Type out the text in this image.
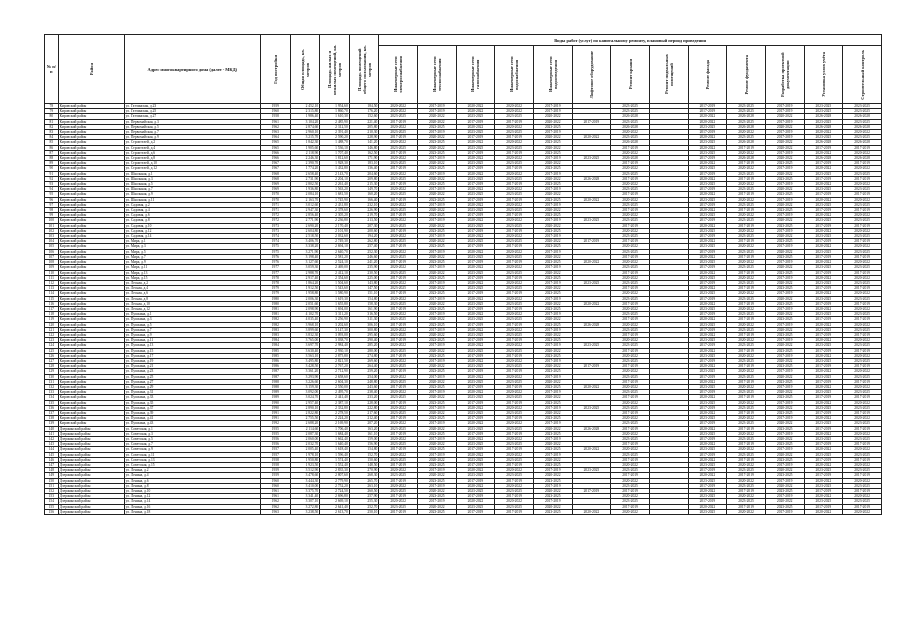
№ п/п	Район	Адрес многоквартирного дома (далее - МКД)	Год постройки	Общая площадь, кв. метров	Площадь жилых и нежилых помещений, кв. метров	Площадь помещений общего пользования, кв. метров	Виды работ (услуг) по капитальному ремонту, плановый период проведения												

							Инженерные сети электроснабжения	Инженерные сети теплоснабжения	Инженерные сети газоснабжения	Инженерные сети водоснабжения	Инженерные сети водоотведения	Лифтовое оборудование	Ремонт крыши	Ремонт подвальных помещений	Ремонт фасада	Ремонт фундамента	Разработка проектной документации	Установка узлов учёта	Строительный контроль

78	Кировский район	ул. Гатчинская, д.23	1959	2 452,10	1 954,60	184,50	2020-2022	2017-2019	2020-2022	2020-2022	2017-2019		2023-2025		2017-2019	2023-2025	2017-2019	2023-2025	2023-2025
79	Кировский район	ул. Гатчинская, д.25	1960	2 315,80	1 860,70	176,20	2020-2022	2017-2019	2020-2022	2020-2022	2017-2019		2023-2025		2017-2019	2023-2025	2017-2019	2023-2025	2023-2025
80	Кировский район	ул. Гатчинская, д.27	1958	1 986,40	1 610,30	152,60	2023-2025	2020-2022	2023-2025	2023-2025	2020-2022		2026-2028		2020-2022	2026-2028	2020-2022	2026-2028	2026-2028
81	Кировский район	ул. Первомайская, д.3	1961	3 104,20	2 485,90	221,40	2017-2019	2020-2022	2017-2019	2017-2019	2020-2022	2017-2019	2023-2025		2020-2022	2023-2025	2017-2019	2023-2025	2023-2025
82	Кировский район	ул. Первомайская, д.5	1962	2 874,60	2 312,50	205,80	2020-2022	2023-2025	2020-2022	2020-2022	2023-2025		2026-2028		2023-2025	2026-2028	2020-2022	2026-2028	2026-2028
83	Кировский район	ул. Первомайская, д.7	1963	2 960,10	2 391,40	210,30	2023-2025	2017-2019	2023-2025	2023-2025	2017-2019		2020-2022		2017-2019	2020-2022	2017-2019	2020-2022	2020-2022
84	Кировский район	ул. Первомайская, д.9	1964	3 215,70	2 590,20	228,90	2017-2019	2020-2022	2017-2019	2017-2019	2020-2022	2020-2022	2023-2025		2020-2022	2023-2025	2017-2019	2023-2025	2023-2025
85	Кировский район	ул. Строителей, д.2	1965	1 842,30	1 488,70	141,20	2020-2022	2023-2025	2020-2022	2020-2022	2023-2025		2026-2028		2023-2025	2026-2028	2020-2022	2026-2028	2026-2028
86	Кировский район	ул. Строителей, д.4	1965	1 905,60	1 536,10	146,80	2023-2025	2020-2022	2023-2025	2023-2025	2020-2022		2017-2019		2020-2022	2017-2019	2020-2022	2017-2019	2017-2019
87	Кировский район	ул. Строителей, д.6	1966	2 118,90	1 707,40	162,50	2017-2019	2023-2025	2017-2019	2017-2019	2023-2025		2020-2022		2023-2025	2020-2022	2017-2019	2020-2022	2020-2022
88	Кировский район	ул. Строителей, д.8	1966	2 246,30	1 812,60	171,90	2020-2022	2017-2019	2020-2022	2020-2022	2017-2019	2023-2025	2026-2028		2017-2019	2026-2028	2020-2022	2026-2028	2026-2028
89	Кировский район	ул. Строителей, д.10	1967	2 390,70	1 928,30	183,10	2023-2025	2020-2022	2023-2025	2023-2025	2020-2022		2017-2019		2020-2022	2017-2019	2023-2025	2017-2019	2017-2019
90	Кировский район	ул. Строителей, д.12	1967	1 774,20	1 432,80	136,40	2017-2019	2023-2025	2017-2019	2017-2019	2023-2025		2020-2022		2023-2025	2020-2022	2017-2019	2020-2022	2020-2022
91	Кировский район	ул. Школьная, д.1	1968	2 658,40	2 143,70	204,60	2020-2022	2017-2019	2020-2022	2020-2022	2017-2019		2023-2025		2017-2019	2023-2025	2020-2022	2023-2025	2023-2025
92	Кировский район	ул. Школьная, д.3	1968	2 731,90	2 204,10	209,80	2023-2025	2020-2022	2023-2025	2023-2025	2020-2022	2026-2028	2017-2019		2020-2022	2017-2019	2023-2025	2017-2019	2017-2019
93	Кировский район	ул. Школьная, д.5	1969	2 802,50	2 261,40	215,30	2017-2019	2023-2025	2017-2019	2017-2019	2023-2025		2020-2022		2023-2025	2020-2022	2017-2019	2020-2022	2020-2022
94	Кировский район	ул. Школьная, д.7	1969	1 936,80	1 563,20	149,70	2020-2022	2017-2019	2020-2022	2020-2022	2017-2019		2023-2025		2017-2019	2023-2025	2020-2022	2023-2025	2023-2025
95	Кировский район	ул. Школьная, д.9	1970	2 084,10	1 681,50	160,20	2023-2025	2020-2022	2023-2025	2023-2025	2020-2022		2017-2019		2020-2022	2017-2019	2023-2025	2017-2019	2017-2019
96	Кировский район	ул. Школьная, д.11	1970	2 163,70	1 745,90	166,40	2017-2019	2023-2025	2017-2019	2017-2019	2023-2025	2020-2022	2020-2022		2023-2025	2020-2022	2017-2019	2020-2022	2020-2022
97	Кировский район	ул. Садовая, д.2	1971	3 012,60	2 431,80	232,10	2020-2022	2017-2019	2020-2022	2020-2022	2017-2019		2023-2025		2017-2019	2023-2025	2020-2022	2023-2025	2023-2025
98	Кировский район	ул. Садовая, д.4	1971	2 947,30	2 378,60	226,90	2023-2025	2020-2022	2023-2025	2023-2025	2020-2022		2017-2019		2020-2022	2017-2019	2023-2025	2017-2019	2017-2019
99	Кировский район	ул. Садовая, д.6	1972	2 856,40	2 305,20	219,70	2017-2019	2023-2025	2017-2019	2017-2019	2023-2025		2020-2022		2023-2025	2020-2022	2017-2019	2020-2022	2020-2022
100	Кировский район	ул. Садовая, д.8	1972	2 771,90	2 236,80	213,50	2020-2022	2017-2019	2020-2022	2020-2022	2017-2019	2023-2025	2023-2025		2017-2019	2023-2025	2020-2022	2023-2025	2023-2025
101	Кировский район	ул. Садовая, д.10	1973	2 690,20	2 170,40	207,30	2023-2025	2020-2022	2023-2025	2023-2025	2020-2022		2017-2019		2020-2022	2017-2019	2023-2025	2017-2019	2017-2019
102	Кировский район	ул. Садовая, д.12	1973	2 604,80	2 101,90	200,60	2017-2019	2023-2025	2017-2019	2017-2019	2023-2025		2020-2022		2023-2025	2020-2022	2017-2019	2020-2022	2020-2022
103	Кировский район	ул. Садовая, д.14	1974	2 518,50	2 032,60	194,20	2020-2022	2017-2019	2020-2022	2020-2022	2017-2019		2023-2025		2017-2019	2023-2025	2020-2022	2023-2025	2023-2025
104	Кировский район	ул. Мира, д.1	1974	3 406,70	2 749,30	262,80	2023-2025	2020-2022	2023-2025	2023-2025	2020-2022	2017-2019	2017-2019		2020-2022	2017-2019	2023-2025	2017-2019	2017-2019
105	Кировский район	ул. Мира, д.3	1975	3 338,20	2 694,10	257,40	2017-2019	2023-2025	2017-2019	2017-2019	2023-2025		2020-2022		2023-2025	2020-2022	2017-2019	2020-2022	2020-2022
106	Кировский район	ул. Мира, д.5	1975	3 271,90	2 640,70	252,30	2020-2022	2017-2019	2020-2022	2020-2022	2017-2019		2023-2025		2017-2019	2023-2025	2020-2022	2023-2025	2023-2025
107	Кировский район	ул. Мира, д.7	1976	3 198,40	2 581,20	246,60	2023-2025	2020-2022	2023-2025	2023-2025	2020-2022		2017-2019		2020-2022	2017-2019	2023-2025	2017-2019	2017-2019
108	Кировский район	ул. Мира, д.9	1976	3 127,60	2 524,10	241,20	2017-2019	2023-2025	2017-2019	2017-2019	2023-2025	2020-2022	2020-2022		2023-2025	2020-2022	2017-2019	2020-2022	2020-2022
109	Кировский район	ул. Мира, д.11	1977	3 059,30	2 469,00	235,90	2020-2022	2017-2019	2020-2022	2020-2022	2017-2019		2023-2025		2017-2019	2023-2025	2020-2022	2023-2025	2023-2025
110	Кировский район	ул. Мира, д.13	1977	2 988,70	2 412,10	230,50	2023-2025	2020-2022	2023-2025	2023-2025	2020-2022		2017-2019		2020-2022	2017-2019	2023-2025	2017-2019	2017-2019
111	Кировский район	ул. Мира, д.15	1978	2 917,40	2 354,60	225,00	2017-2019	2023-2025	2017-2019	2017-2019	2023-2025		2020-2022		2023-2025	2020-2022	2017-2019	2020-2022	2020-2022
112	Кировский район	ул. Лесная, д.2	1978	1 864,20	1 504,60	143,80	2020-2022	2017-2019	2020-2022	2020-2022	2017-2019	2023-2025	2023-2025		2017-2019	2023-2025	2020-2022	2023-2025	2023-2025
113	Кировский район	ул. Лесная, д.4	1979	1 912,50	1 543,60	147,50	2023-2025	2020-2022	2023-2025	2023-2025	2020-2022		2017-2019		2020-2022	2017-2019	2023-2025	2017-2019	2017-2019
114	Кировский район	ул. Лесная, д.6	1979	1 958,80	1 580,90	151,10	2017-2019	2023-2025	2017-2019	2017-2019	2023-2025		2020-2022		2023-2025	2020-2022	2017-2019	2020-2022	2020-2022
115	Кировский район	ул. Лесная, д.8	1980	2 006,30	1 619,30	154,80	2020-2022	2017-2019	2020-2022	2020-2022	2017-2019		2023-2025		2017-2019	2023-2025	2020-2022	2023-2025	2023-2025
116	Кировский район	ул. Лесная, д.10	1980	2 051,60	1 655,80	158,30	2023-2025	2020-2022	2023-2025	2023-2025	2020-2022	2020-2022	2017-2019		2020-2022	2017-2019	2023-2025	2017-2019	2017-2019
117	Кировский район	ул. Лесная, д.12	1981	2 098,90	1 694,00	161,90	2017-2019	2023-2025	2017-2019	2017-2019	2023-2025		2020-2022		2023-2025	2020-2022	2017-2019	2020-2022	2020-2022
118	Кировский район	ул. Пушкина, д.1	1981	4 102,70	3 311,20	316,50	2020-2022	2017-2019	2020-2022	2020-2022	2017-2019		2023-2025		2017-2019	2023-2025	2020-2022	2023-2025	2023-2025
119	Кировский район	ул. Пушкина, д.3	1982	4 035,40	3 256,90	311,30	2023-2025	2020-2022	2023-2025	2023-2025	2020-2022		2017-2019		2020-2022	2017-2019	2023-2025	2017-2019	2017-2019
120	Кировский район	ул. Пушкина, д.5	1982	3 968,10	3 202,60	306,10	2017-2019	2023-2025	2017-2019	2017-2019	2023-2025	2026-2028	2020-2022		2023-2025	2020-2022	2017-2019	2020-2022	2020-2022
121	Кировский район	ул. Пушкина, д.7	1983	3 899,60	3 147,30	300,80	2020-2022	2017-2019	2020-2022	2020-2022	2017-2019		2023-2025		2017-2019	2023-2025	2020-2022	2023-2025	2023-2025
122	Кировский район	ул. Пушкина, д.9	1983	3 832,30	3 093,00	295,60	2023-2025	2020-2022	2023-2025	2023-2025	2020-2022		2017-2019		2020-2022	2017-2019	2023-2025	2017-2019	2017-2019
123	Кировский район	ул. Пушкина, д.11	1984	3 765,00	3 038,70	290,40	2017-2019	2023-2025	2017-2019	2017-2019	2023-2025		2020-2022		2023-2025	2020-2022	2017-2019	2020-2022	2020-2022
124	Кировский район	ул. Пушкина, д.13	1984	3 697,70	2 984,40	285,20	2020-2022	2017-2019	2020-2022	2020-2022	2017-2019	2023-2025	2023-2025		2017-2019	2023-2025	2020-2022	2023-2025	2023-2025
125	Кировский район	ул. Пушкина, д.15	1985	3 630,40	2 930,10	280,00	2023-2025	2020-2022	2023-2025	2023-2025	2020-2022		2017-2019		2020-2022	2017-2019	2023-2025	2017-2019	2017-2019
126	Кировский район	ул. Пушкина, д.17	1985	3 563,10	2 875,80	274,80	2017-2019	2023-2025	2017-2019	2017-2019	2023-2025		2020-2022		2023-2025	2020-2022	2017-2019	2020-2022	2020-2022
127	Кировский район	ул. Пушкина, д.19	1986	3 495,80	2 821,50	269,60	2020-2022	2017-2019	2020-2022	2020-2022	2017-2019		2023-2025		2017-2019	2023-2025	2020-2022	2023-2025	2023-2025
128	Кировский район	ул. Пушкина, д.21	1986	3 428,50	2 767,20	264,40	2023-2025	2020-2022	2023-2025	2023-2025	2020-2022	2017-2019	2017-2019		2020-2022	2017-2019	2023-2025	2017-2019	2017-2019
129	Кировский район	ул. Пушкина, д.23	1987	3 361,20	2 712,90	259,20	2017-2019	2023-2025	2017-2019	2017-2019	2023-2025		2020-2022		2023-2025	2020-2022	2017-2019	2020-2022	2020-2022
130	Кировский район	ул. Пушкина, д.25	1987	3 293,90	2 658,60	254,00	2020-2022	2017-2019	2020-2022	2020-2022	2017-2019		2023-2025		2017-2019	2023-2025	2020-2022	2023-2025	2023-2025
131	Кировский район	ул. Пушкина, д.27	1988	3 226,60	2 604,30	248,80	2023-2025	2020-2022	2023-2025	2023-2025	2020-2022		2017-2019		2020-2022	2017-2019	2023-2025	2017-2019	2017-2019
132	Кировский район	ул. Пушкина, д.29	1988	3 159,30	2 550,00	243,60	2017-2019	2023-2025	2017-2019	2017-2019	2023-2025	2020-2022	2020-2022		2023-2025	2020-2022	2017-2019	2020-2022	2020-2022
133	Кировский район	ул. Пушкина, д.31	1989	3 092,00	2 495,70	238,40	2020-2022	2017-2019	2020-2022	2020-2022	2017-2019		2023-2025		2017-2019	2023-2025	2020-2022	2023-2025	2023-2025
134	Кировский район	ул. Пушкина, д.33	1989	3 024,70	2 441,40	233,20	2023-2025	2020-2022	2023-2025	2023-2025	2020-2022		2017-2019		2020-2022	2017-2019	2023-2025	2017-2019	2017-2019
135	Кировский район	ул. Пушкина, д.35	1990	2 957,40	2 387,10	228,00	2017-2019	2023-2025	2017-2019	2017-2019	2023-2025		2020-2022		2023-2025	2020-2022	2017-2019	2020-2022	2020-2022
136	Кировский район	ул. Пушкина, д.37	1990	2 890,10	2 332,80	222,80	2020-2022	2017-2019	2020-2022	2020-2022	2017-2019	2023-2025	2023-2025		2017-2019	2023-2025	2020-2022	2023-2025	2023-2025
137	Кировский район	ул. Пушкина, д.39	1991	2 822,80	2 278,50	217,60	2023-2025	2020-2022	2023-2025	2023-2025	2020-2022		2017-2019		2020-2022	2017-2019	2023-2025	2017-2019	2017-2019
138	Кировский район	ул. Пушкина, д.41	1991	2 755,50	2 224,20	212,40	2017-2019	2023-2025	2017-2019	2017-2019	2023-2025		2020-2022		2023-2025	2020-2022	2017-2019	2020-2022	2020-2022
139	Кировский район	ул. Пушкина, д.43	1992	2 688,20	2 169,90	207,20	2020-2022	2017-2019	2020-2022	2020-2022	2017-2019		2023-2025		2017-2019	2023-2025	2020-2022	2023-2025	2023-2025
140	Дзержинский район	ул. Советская, д.1	1955	2 114,60	1 706,40	163,20	2023-2025	2020-2022	2023-2025	2023-2025	2020-2022	2026-2028	2017-2019		2020-2022	2017-2019	2023-2025	2017-2019	2017-2019
141	Дзержинский район	ул. Советская, д.3	1955	2 087,30	1 684,40	161,10	2017-2019	2023-2025	2017-2019	2017-2019	2023-2025		2020-2022		2023-2025	2020-2022	2017-2019	2020-2022	2020-2022
142	Дзержинский район	ул. Советская, д.5	1956	2 060,00	1 662,40	159,00	2020-2022	2017-2019	2020-2022	2020-2022	2017-2019		2023-2025		2017-2019	2023-2025	2020-2022	2023-2025	2023-2025
143	Дзержинский район	ул. Советская, д.7	1956	2 032,70	1 640,40	156,90	2023-2025	2020-2022	2023-2025	2023-2025	2020-2022		2017-2019		2020-2022	2017-2019	2023-2025	2017-2019	2017-2019
144	Дзержинский район	ул. Советская, д.9	1957	2 005,40	1 618,40	154,80	2017-2019	2023-2025	2017-2019	2017-2019	2023-2025	2020-2022	2020-2022		2023-2025	2020-2022	2017-2019	2020-2022	2020-2022
145	Дзержинский район	ул. Советская, д.11	1957	1 978,10	1 596,40	152,70	2020-2022	2017-2019	2020-2022	2020-2022	2017-2019		2023-2025		2017-2019	2023-2025	2020-2022	2023-2025	2023-2025
146	Дзержинский район	ул. Советская, д.13	1958	1 950,80	1 574,40	150,60	2023-2025	2020-2022	2023-2025	2023-2025	2020-2022		2017-2019		2020-2022	2017-2019	2023-2025	2017-2019	2017-2019
147	Дзержинский район	ул. Советская, д.15	1958	1 923,50	1 552,40	148,50	2017-2019	2023-2025	2017-2019	2017-2019	2023-2025		2020-2022		2023-2025	2020-2022	2017-2019	2020-2022	2020-2022
148	Дзержинский район	ул. Ленина, д.2	1959	3 512,90	2 835,30	270,90	2020-2022	2017-2019	2020-2022	2020-2022	2017-2019	2023-2025	2023-2025		2017-2019	2023-2025	2020-2022	2023-2025	2023-2025
149	Дзержинский район	ул. Ленина, д.4	1959	3 478,60	2 807,60	268,30	2023-2025	2020-2022	2023-2025	2023-2025	2020-2022		2017-2019		2020-2022	2017-2019	2023-2025	2017-2019	2017-2019
150	Дзержинский район	ул. Ленина, д.6	1960	3 444,30	2 779,90	265,70	2017-2019	2023-2025	2017-2019	2017-2019	2023-2025		2020-2022		2023-2025	2020-2022	2017-2019	2020-2022	2020-2022
151	Дзержинский район	ул. Ленина, д.8	1960	3 410,00	2 752,20	263,10	2020-2022	2017-2019	2020-2022	2020-2022	2017-2019		2023-2025		2017-2019	2023-2025	2020-2022	2023-2025	2023-2025
152	Дзержинский район	ул. Ленина, д.10	1961	3 375,70	2 724,50	260,50	2023-2025	2020-2022	2023-2025	2023-2025	2020-2022	2017-2019	2017-2019		2020-2022	2017-2019	2023-2025	2017-2019	2017-2019
153	Дзержинский район	ул. Ленина, д.12	1961	3 341,40	2 696,80	257,90	2017-2019	2023-2025	2017-2019	2017-2019	2023-2025		2020-2022		2023-2025	2020-2022	2017-2019	2020-2022	2020-2022
154	Дзержинский район	ул. Ленина, д.14	1962	3 307,10	2 669,10	255,30	2020-2022	2017-2019	2020-2022	2020-2022	2017-2019		2023-2025		2017-2019	2023-2025	2020-2022	2023-2025	2023-2025
155	Дзержинский район	ул. Ленина, д.16	1962	3 272,80	2 641,40	252,70	2023-2025	2020-2022	2023-2025	2023-2025	2020-2022		2017-2019		2020-2022	2017-2019	2023-2025	2017-2019	2017-2019
156	Дзержинский район	ул. Ленина, д.18	1963	3 238,50	2 613,70	250,10	2017-2019	2023-2025	2017-2019	2017-2019	2023-2025	2020-2022	2020-2022		2023-2025	2020-2022	2017-2019	2020-2022	2020-2022
